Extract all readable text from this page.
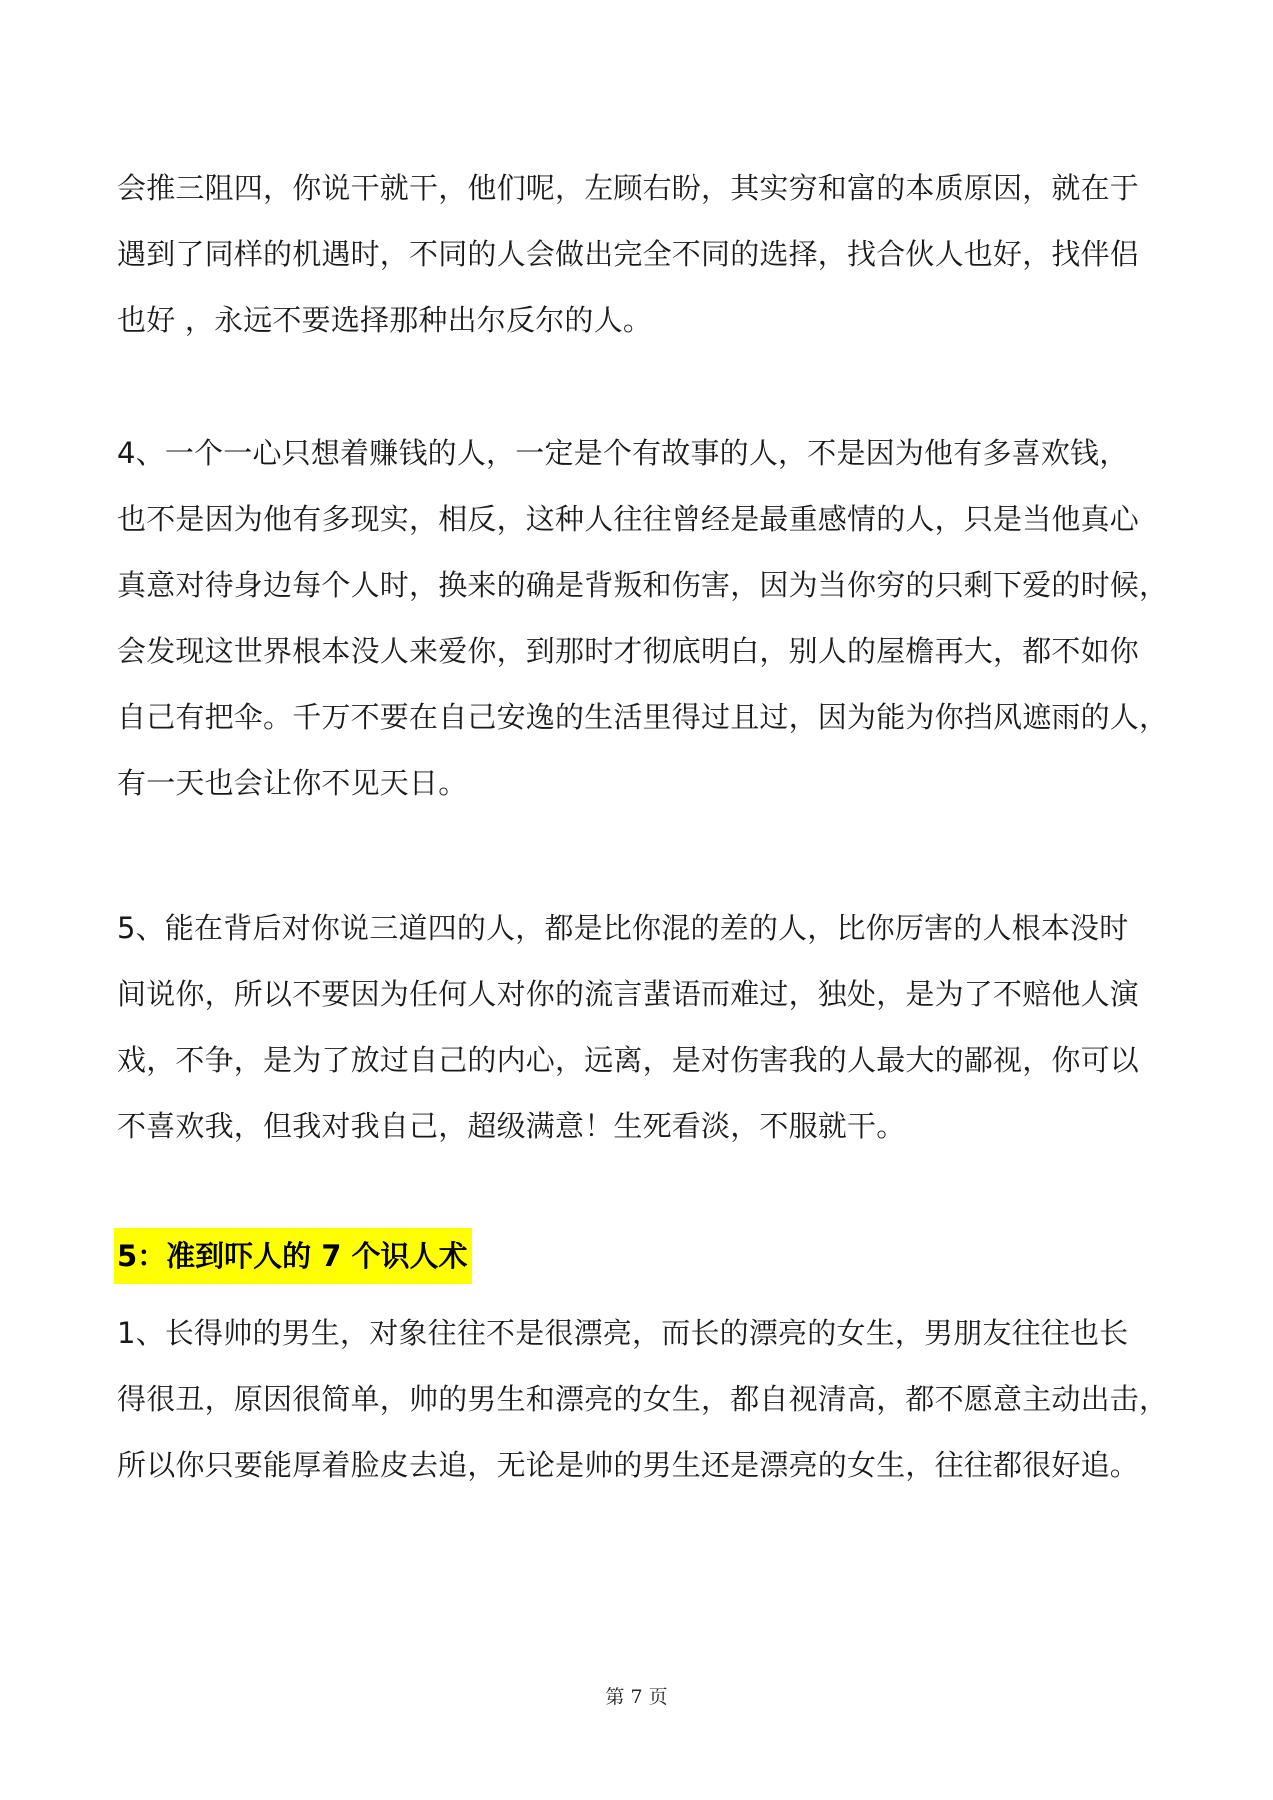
会推三阻四，你说干就干，他们呢，左顾右盼，其实穷和富的本质原因，就在于
遇到了同样的机遇时，不同的人会做出完全不同的选择，找合伙人也好，找伴侣
也好 ，永远不要选择那种出尔反尔的人。
4、一个一心只想着赚钱的人，一定是个有故事的人，不是因为他有多喜欢钱，
也不是因为他有多现实，相反，这种人往往曾经是最重感情的人，只是当他真心
真意对待身边每个人时，换来的确是背叛和伤害，因为当你穷的只剩下爱的时候，
会发现这世界根本没人来爱你，到那时才彻底明白，别人的屋檐再大，都不如你
自己有把伞。千万不要在自己安逸的生活里得过且过，因为能为你挡风遮雨的人，
有一天也会让你不见天日。
5、能在背后对你说三道四的人，都是比你混的差的人，比你厉害的人根本没时
间说你，所以不要因为任何人对你的流言蜚语而难过，独处，是为了不赔他人演
戏，不争，是为了放过自己的内心，远离，是对伤害我的人最大的鄙视，你可以
不喜欢我，但我对我自己，超级满意！生死看淡，不服就干。
5：准到吓人的 7 个识人术
1、长得帅的男生，对象往往不是很漂亮，而长的漂亮的女生，男朋友往往也长
得很丑，原因很简单，帅的男生和漂亮的女生，都自视清高，都不愿意主动出击，
所以你只要能厚着脸皮去追，无论是帅的男生还是漂亮的女生，往往都很好追。
第 7 页
